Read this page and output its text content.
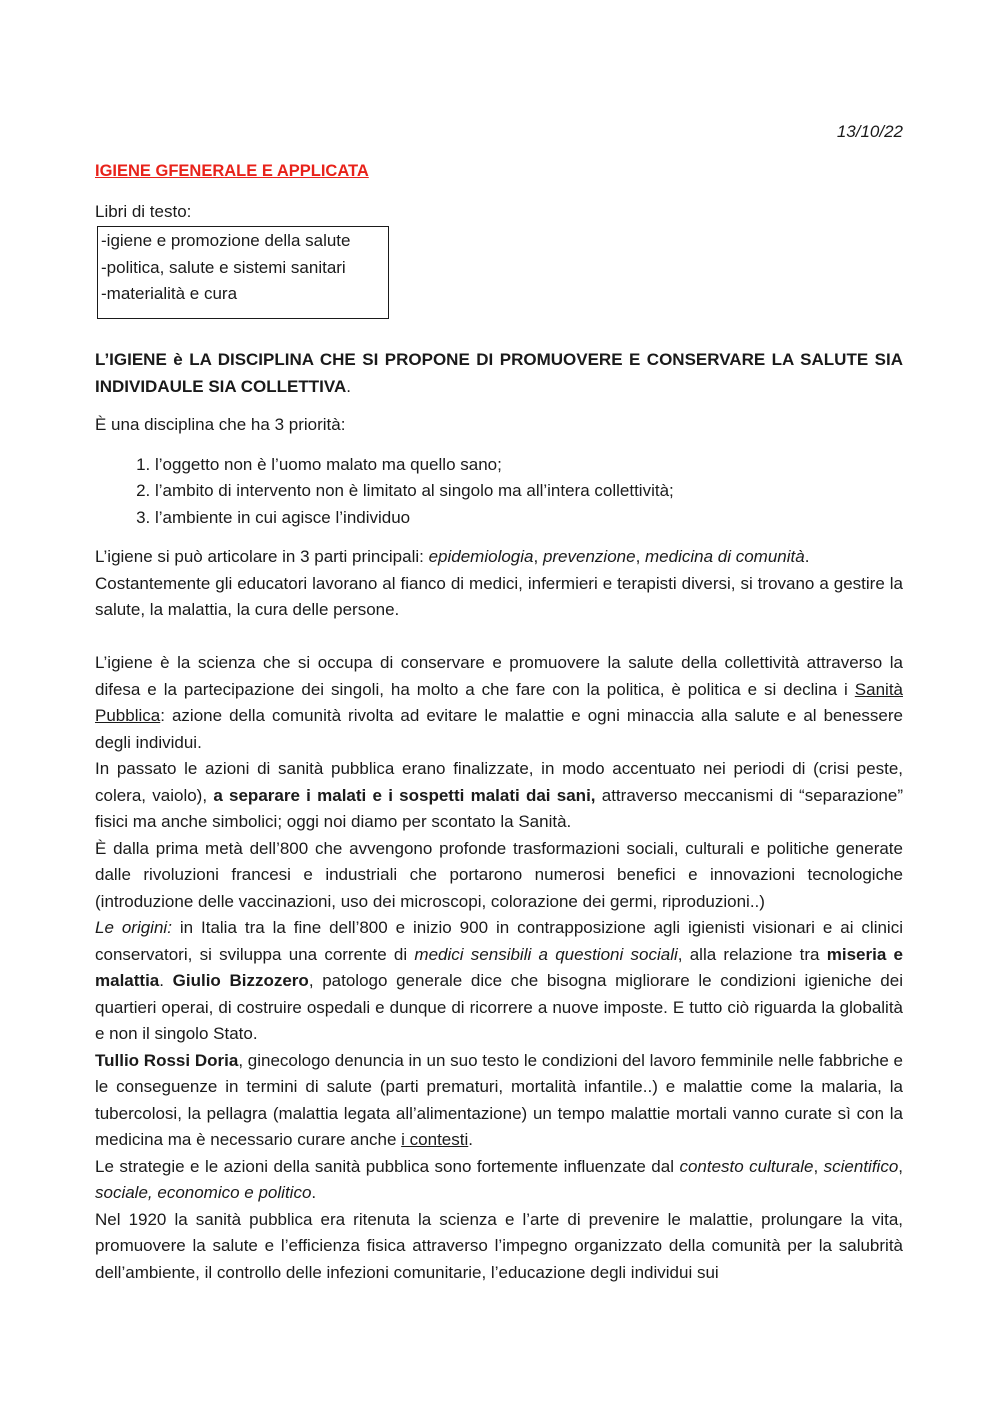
13/10/22
IGIENE GFENERALE E APPLICATA
Libri di testo:
-igiene e promozione della salute
-politica, salute e sistemi sanitari
-materialità e cura

L’IGIENE è LA DISCIPLINA CHE SI PROPONE DI PROMUOVERE E CONSERVARE LA SALUTE SIA INDIVIDAULE SIA COLLETTIVA.

È una disciplina che ha 3 priorità:

1. l’oggetto non è l’uomo malato ma quello sano;
2. l’ambito di intervento non è limitato al singolo ma all’intera collettività;
3. l’ambiente in cui agisce l’individuo

L’igiene si può articolare in 3 parti principali: epidemiologia, prevenzione, medicina di comunità.

Costantemente gli educatori lavorano al fianco di medici, infermieri e terapisti diversi, si trovano a gestire la salute, la malattia, la cura delle persone.

L’igiene è la scienza che si occupa di conservare e promuovere la salute della collettività attraverso la difesa e la partecipazione dei singoli, ha molto a che fare con la politica, è politica e si declina i Sanità Pubblica: azione della comunità rivolta ad evitare le malattie e ogni minaccia alla salute e al benessere degli individui.

In passato le azioni di sanità pubblica erano finalizzate, in modo accentuato nei periodi di (crisi peste, colera, vaiolo), a separare i malati e i sospetti malati dai sani, attraverso meccanismi di “separazione” fisici ma anche simbolici; oggi noi diamo per scontato la Sanità.

È dalla prima metà dell’800 che avvengono profonde trasformazioni sociali, culturali e politiche generate dalle rivoluzioni francesi e industriali che portarono numerosi benefici e innovazioni tecnologiche (introduzione delle vaccinazioni, uso dei microscopi, colorazione dei germi, riproduzioni..)

Le origini: in Italia tra la fine dell’800 e inizio 900 in contrapposizione agli igienisti visionari e ai clinici conservatori, si sviluppa una corrente di medici sensibili a questioni sociali, alla relazione tra miseria e malattia. Giulio Bizzozero, patologo generale dice che bisogna migliorare le condizioni igieniche dei quartieri operai, di costruire ospedali e dunque di ricorrere a nuove imposte. E tutto ciò riguarda la globalità e non il singolo Stato.

Tullio Rossi Doria, ginecologo denuncia in un suo testo le condizioni del lavoro femminile nelle fabbriche e le conseguenze in termini di salute (parti prematuri, mortalità infantile..) e malattie come la malaria, la tubercolosi, la pellagra (malattia legata all’alimentazione) un tempo malattie mortali vanno curate sì con la medicina ma è necessario curare anche i contesti.

Le strategie e le azioni della sanità pubblica sono fortemente influenzate dal contesto culturale, scientifico, sociale, economico e politico.

Nel 1920 la sanità pubblica era ritenuta la scienza e l’arte di prevenire le malattie, prolungare la vita, promuovere la salute e l’efficienza fisica attraverso l’impegno organizzato della comunità per la salubrità dell’ambiente, il controllo delle infezioni comunitarie, l’educazione degli individui sui
